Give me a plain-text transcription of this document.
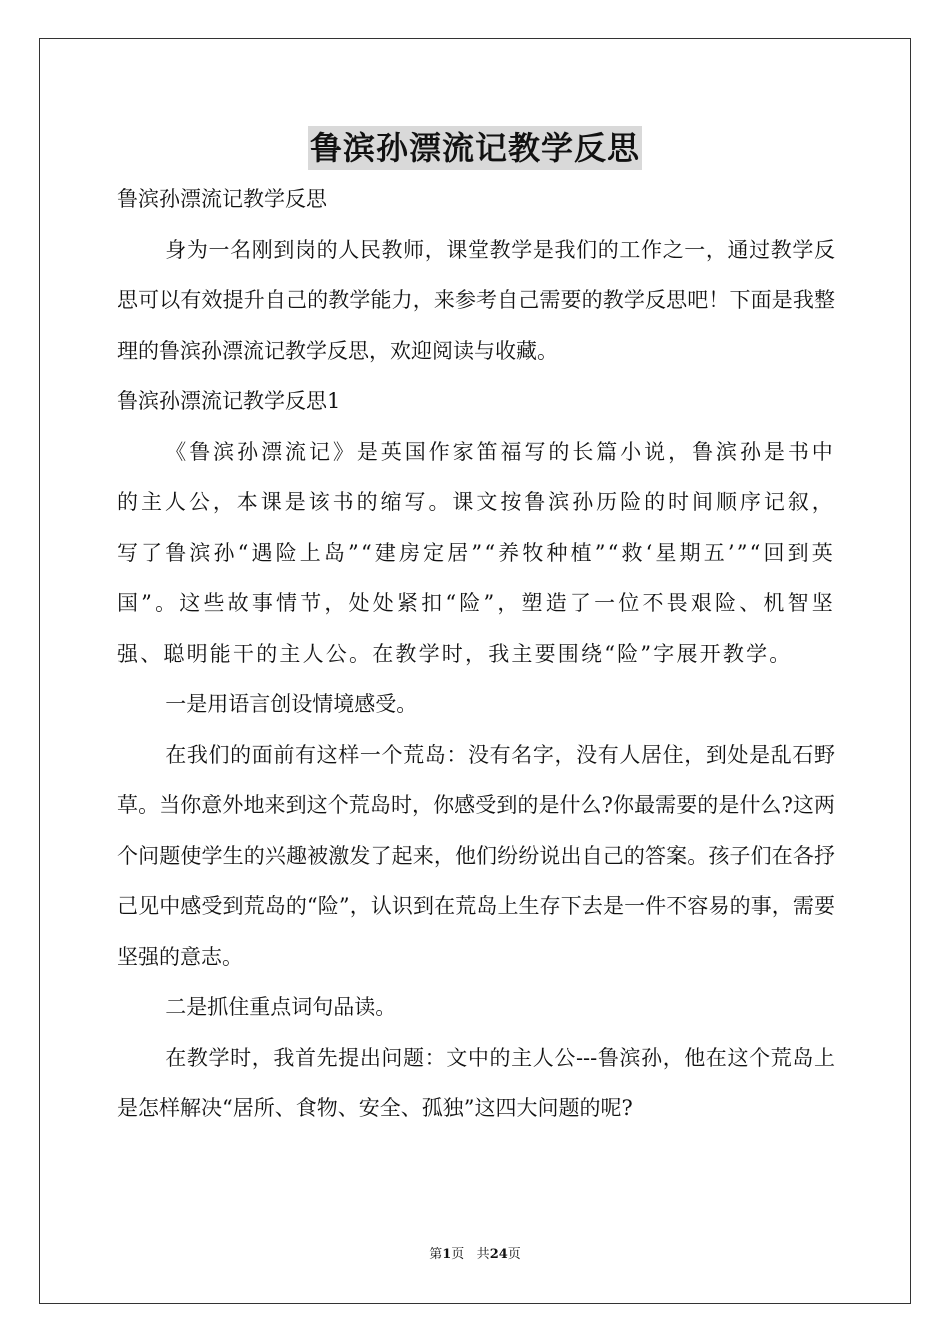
鲁滨孙漂流记教学反思

鲁滨孙漂流记教学反思

身为一名刚到岗的人民教师，课堂教学是我们的工作之一，通过教学反思可以有效提升自己的教学能力，来参考自己需要的教学反思吧！下面是我整理的鲁滨孙漂流记教学反思，欢迎阅读与收藏。

鲁滨孙漂流记教学反思1

《鲁滨孙漂流记》是英国作家笛福写的长篇小说，鲁滨孙是书中的主人公，本课是该书的缩写。课文按鲁滨孙历险的时间顺序记叙，写了鲁滨孙“遇险上岛”“建房定居”“养牧种植”“救‘星期五’”“回到英国”。这些故事情节，处处紧扣“险”，塑造了一位不畏艰险、机智坚强、聪明能干的主人公。在教学时，我主要围绕“险”字展开教学。

一是用语言创设情境感受。

在我们的面前有这样一个荒岛：没有名字，没有人居住，到处是乱石野草。当你意外地来到这个荒岛时，你感受到的是什么?你最需要的是什么?这两个问题使学生的兴趣被激发了起来，他们纷纷说出自己的答案。孩子们在各抒己见中感受到荒岛的“险”，认识到在荒岛上生存下去是一件不容易的事，需要坚强的意志。

二是抓住重点词句品读。

在教学时，我首先提出问题：文中的主人公---鲁滨孙，他在这个荒岛上是怎样解决“居所、食物、安全、孤独”这四大问题的呢?

第1页 共24页
